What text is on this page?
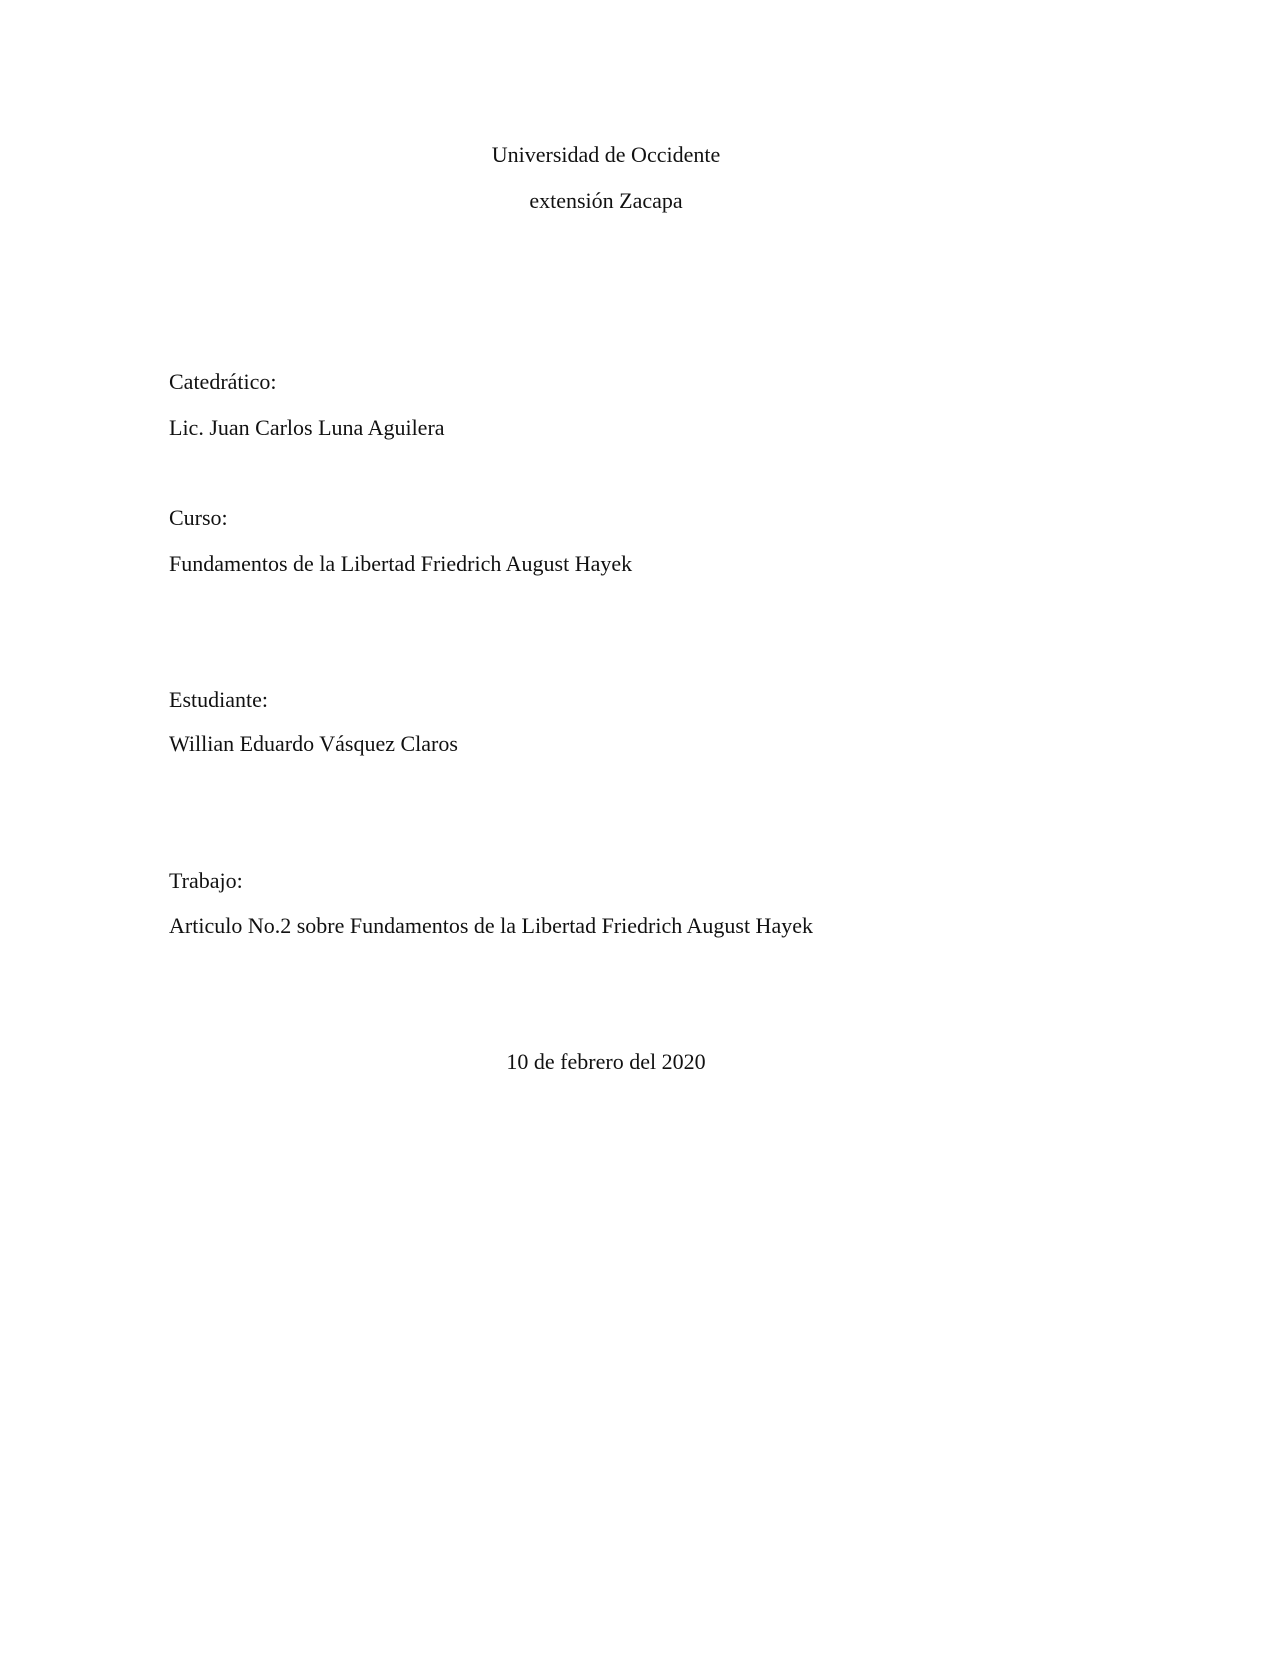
Universidad de Occidente
extensión Zacapa
Catedrático:
Lic. Juan Carlos Luna Aguilera
Curso:
Fundamentos de la Libertad Friedrich August Hayek
Estudiante:
Willian Eduardo Vásquez Claros
Trabajo:
Articulo No.2 sobre Fundamentos de la Libertad Friedrich August Hayek
10 de febrero del 2020
